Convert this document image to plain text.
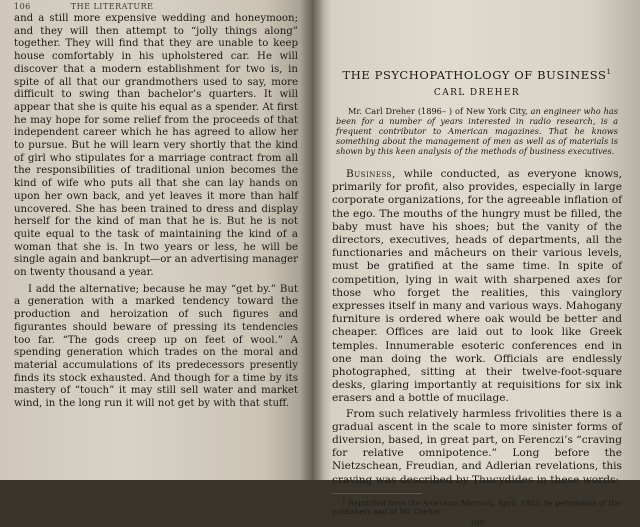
106	THE LITERATURE

and a still more expensive wedding and honeymoon; and they will then attempt to “jolly things along” together. They will find that they are unable to keep house comfortably in his upholstered car. He will discover that a modern establishment for two is, in spite of all that our grandmothers used to say, more difficult to swing than bachelor’s quarters. It will appear that she is quite his equal as a spender. At first he may hope for some relief from the proceeds of that independent career which he has agreed to allow her to pursue. But he will learn very shortly that the kind of girl who stipulates for a marriage contract from all the responsibilities of traditional union becomes the kind of wife who puts all that she can lay hands on upon her own back, and yet leaves it more than half uncovered. She has been trained to dress and display herself for the kind of man that he is. But he is not quite equal to the task of maintaining the kind of a woman that she is. In two years or less, he will be single again and bankrupt—or an advertising manager on twenty thousand a year.

I add the alternative; because he may “get by.” But a generation with a marked tendency toward the production and heroization of such figures and figurantes should beware of pressing its tendencies too far. “The gods creep up on feet of wool.” A spending generation which trades on the moral and material accumulations of its predecessors presently finds its stock exhausted. And though for a time by its mastery of “touch” it may still sell water and market wind, in the long run it will not get by with that stuff.

THE PSYCHOPATHOLOGY OF BUSINESS$^1$
CARL DREHER

Mr. Carl Dreher (1896– ) of New York City, an engineer who has been for a number of years interested in radio research, is a frequent contributor to American magazines. That he knows something about the management of men as well as of materials is shown by this keen analysis of the methods of business executives.

Business, while conducted, as everyone knows, primarily for profit, also provides, especially in large corporate organizations, for the agreeable inflation of the ego. The mouths of the hungry must be filled, the baby must have his shoes; but the vanity of the directors, executives, heads of departments, all the functionaries and mâcheurs on their various levels, must be gratified at the same time. In spite of competition, lying in wait with sharpened axes for those who forget the realities, this vainglory expresses itself in many and various ways. Mahogany furniture is ordered where oak would be better and cheaper. Offices are laid out to look like Greek temples. Innumerable esoteric conferences end in one man doing the work. Officials are endlessly photographed, sitting at their twelve-foot-square desks, glaring importantly at requisitions for six ink erasers and a bottle of mucilage.

From such relatively harmless frivolities there is a gradual ascent in the scale to more sinister forms of diversion, based, in great part, on Ferenczi’s “craving for relative omnipotence.” Long before the Nietzschean, Freudian, and Adlerian revelations, this craving was described by Thucydides in these words:

$^1$ Reprinted from the American Mercury, April, 1925, by permission of the publishers and of Mr. Dreher.

109
